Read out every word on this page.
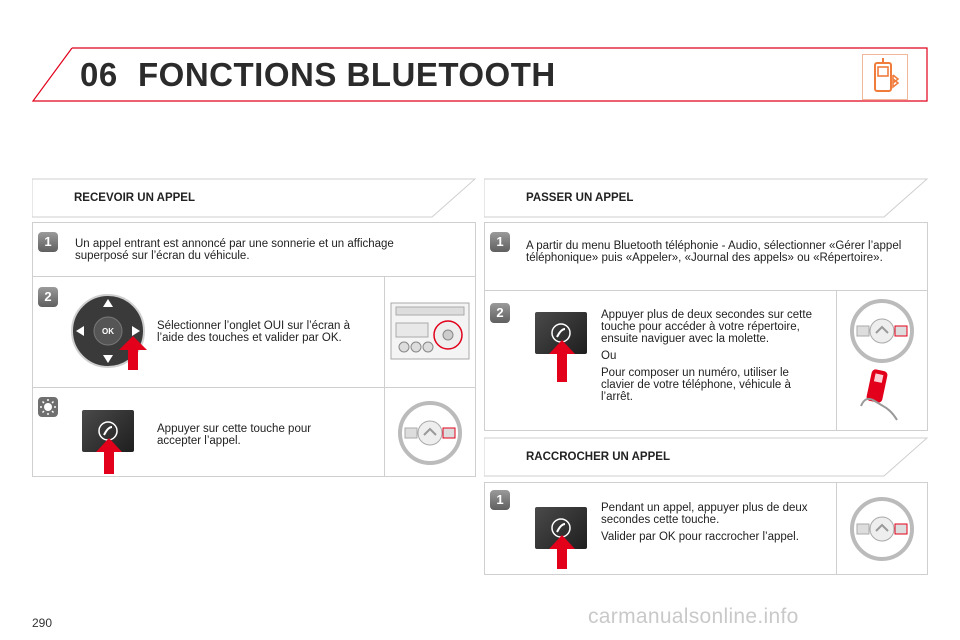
06 FONCTIONS BLUETOOTH
RECEVOIR UN APPEL
1	Un appel entrant est annoncé par une sonnerie et un affichage superposé sur l’écran du véhicule.
2
OK	Sélectionner l’onglet OUI sur l’écran à l’aide des touches et valider par OK.
Appuyer sur cette touche pour accepter l’appel.
PASSER UN APPEL
1	A partir du menu Bluetooth téléphonie - Audio, sélectionner «Gérer l’appel téléphonique» puis «Appeler», «Journal des appels» ou «Répertoire».
2	Appuyer plus de deux secondes sur cette touche pour accéder à votre répertoire, ensuite naviguer avec la molette.

Ou

Pour composer un numéro, utiliser le clavier de votre téléphone, véhicule à l’arrêt.

RACCROCHER UN APPEL
1

Pendant un appel, appuyer plus de deux secondes cette touche.

Valider par OK pour raccrocher l’appel.

290	carmanualsonline.info
